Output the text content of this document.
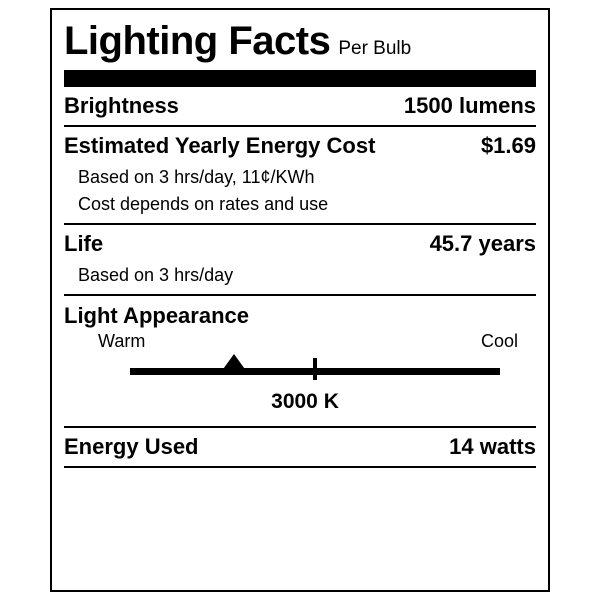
Lighting Facts Per Bulb
Brightness	1500 lumens
Estimated Yearly Energy Cost	$1.69
Based on 3 hrs/day, 11¢/KWh
Cost depends on rates and use
Life	45.7 years
Based on 3 hrs/day
Light Appearance
Warm	Cool
3000 K
Energy Used	14 watts
